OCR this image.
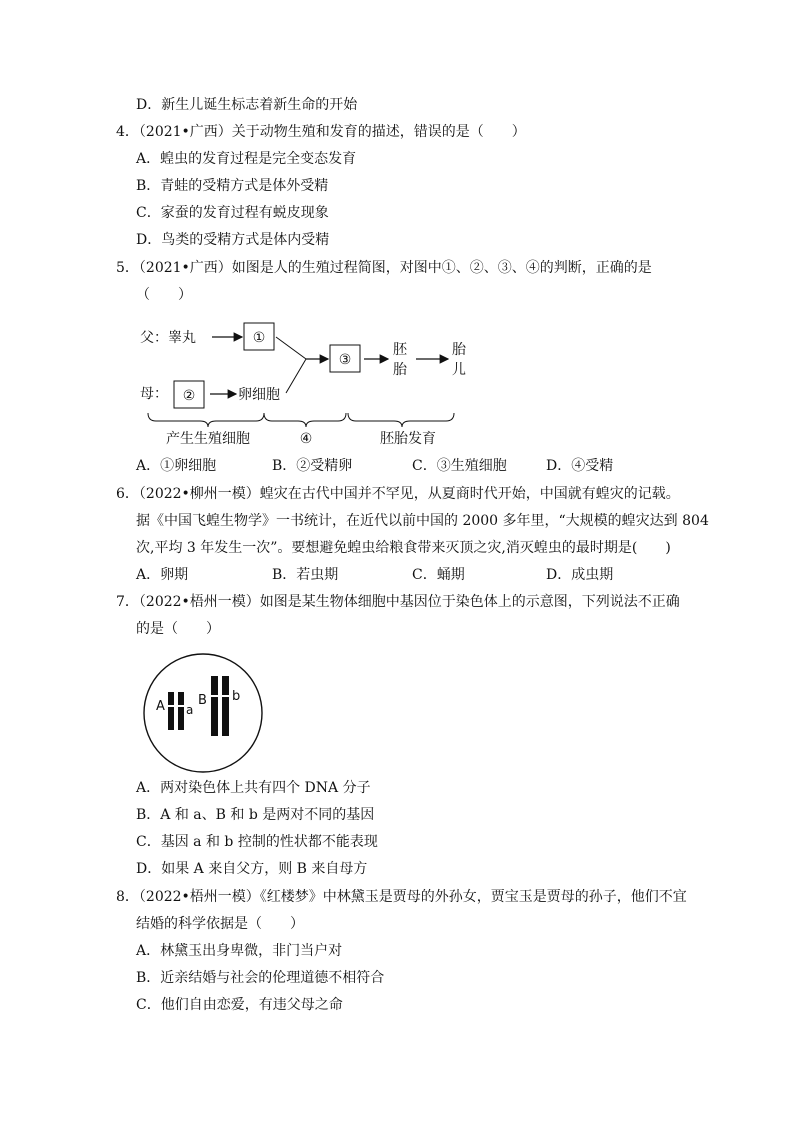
D．新生儿诞生标志着新生命的开始
4．（2021•广西）关于动物生殖和发育的描述，错误的是（　　）
A．蝗虫的发育过程是完全变态发育
B．青蛙的受精方式是体外受精
C．家蚕的发育过程有蜕皮现象
D．鸟类的受精方式是体内受精
5．（2021•广西）如图是人的生殖过程简图，对图中①、②、③、④的判断，正确的是
（　　）
父：睾丸	①
母： ②	卵细胞
③
胚
胎
胎
儿
产生生殖细胞	④	胚胎发育
A．①卵细胞	B．②受精卵	C．③生殖细胞	D．④受精
6．（2022•柳州一模）蝗灾在古代中国并不罕见，从夏商时代开始，中国就有蝗灾的记载。
据《中国飞蝗生物学》一书统计，在近代以前中国的 2000 多年里，“大规模的蝗灾达到 804
次,平均 3 年发生一次”。要想避免蝗虫给粮食带来灭顶之灾,消灭蝗虫的最时期是(　　)
A．卵期	B．若虫期	C．蛹期	D．成虫期
7．（2022•梧州一模）如图是某生物体细胞中基因位于染色体上的示意图，下列说法不正确
的是（　　）
A a
B b
A．两对染色体上共有四个 DNA 分子
B．A 和 a、B 和 b 是两对不同的基因
C．基因 a 和 b 控制的性状都不能表现
D．如果 A 来自父方，则 B 来自母方
8．（2022•梧州一模）《红楼梦》中林黛玉是贾母的外孙女，贾宝玉是贾母的孙子，他们不宜
结婚的科学依据是（　　）
A．林黛玉出身卑微，非门当户对
B．近亲结婚与社会的伦理道德不相符合
C．他们自由恋爱，有违父母之命
